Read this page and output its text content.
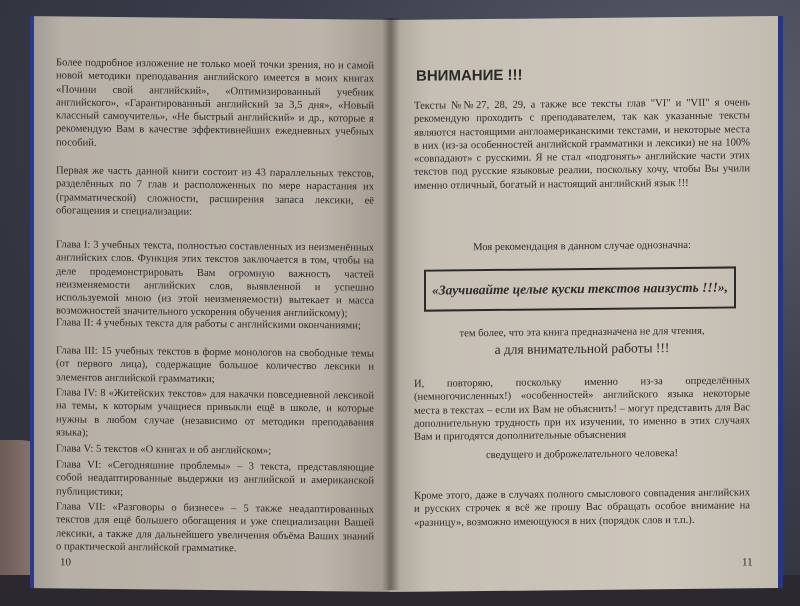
Более подробное изложение не только моей точки зрения, но и самой новой методики преподавания английского имеется в моих книгах «Почини свой английский», «Оптимизированный учебник английского», «Гарантированный английский за 3,5 дня», «Новый классный самоучитель», «Не быстрый английский» и др., которые я рекомендую Вам в качестве эффективнейших ежедневных учебных пособий.
Первая же часть данной книги состоит из 43 параллельных текстов, разделённых по 7 глав и расположенных по мере нарастания их (грамматической) сложности, расширения запаса лексики, её обогащения и специализации:
Глава I: 3 учебных текста, полностью составленных из неизменённых английских слов. Функция этих текстов заключается в том, чтобы на деле продемонстрировать Вам огромную важность частей неизменяемости английских слов, выявленной и успешно используемой мною (из этой неизменяемости) вытекает и масса возможностей значительного ускорения обучения английскому);
Глава II: 4 учебных текста для работы с английскими окончаниями;
Глава III: 15 учебных текстов в форме монологов на свободные темы (от первого лица), содержащие большое количество лексики и элементов английской грамматики;
Глава IV: 8 «Житейских текстов» для накачки повседневной лексикой на темы, к которым учащиеся привыкли ещё в школе, и которые нужны в любом случае (независимо от методики преподавания языка);
Глава V: 5 текстов «О книгах и об английском»;
Глава VI: «Сегодняшние проблемы» – 3 текста, представляющие собой неадаптированные выдержки из английской и американской публицистики;
Глава VII: «Разговоры о бизнесе» – 5 также неадаптированных текстов для ещё большего обогащения и уже специализации Вашей лексики, а также для дальнейшего увеличения объёма Ваших знаний о практической английской грамматике.
10
ВНИМАНИЕ !!!
Тексты №№27, 28, 29, а также все тексты глав "VI" и "VII" я очень рекомендую проходить с преподавателем, так как указанные тексты являются настоящими англоамериканскими текстами, и некоторые места в них (из-за особенностей английской грамматики и лексики) не на 100% «совпадают» с русскими. Я не стал «подгонять» английские части этих текстов под русские языковые реалии, поскольку хочу, чтобы Вы учили именно отличный, богатый и настоящий английский язык !!!
Моя рекомендация в данном случае однозначна:
«Заучивайте целые куски текстов наизусть !!!»,
тем более, что эта книга предназначена не для чтения,
а для внимательной работы !!!
И, повторяю, поскольку именно из-за определённых (немногочисленных!) «особенностей» английского языка некоторые места в текстах – если их Вам не объяснить! – могут представить для Вас дополнительную трудность при их изучении, то именно в этих случаях Вам и пригодятся дополнительные объяснения
сведущего и доброжелательного человека!
Кроме этого, даже в случаях полного смыслового совпадения английских и русских строчек я всё же прошу Вас обращать особое внимание на «разницу», возможно имеющуюся в них (порядок слов и т.п.).
11
